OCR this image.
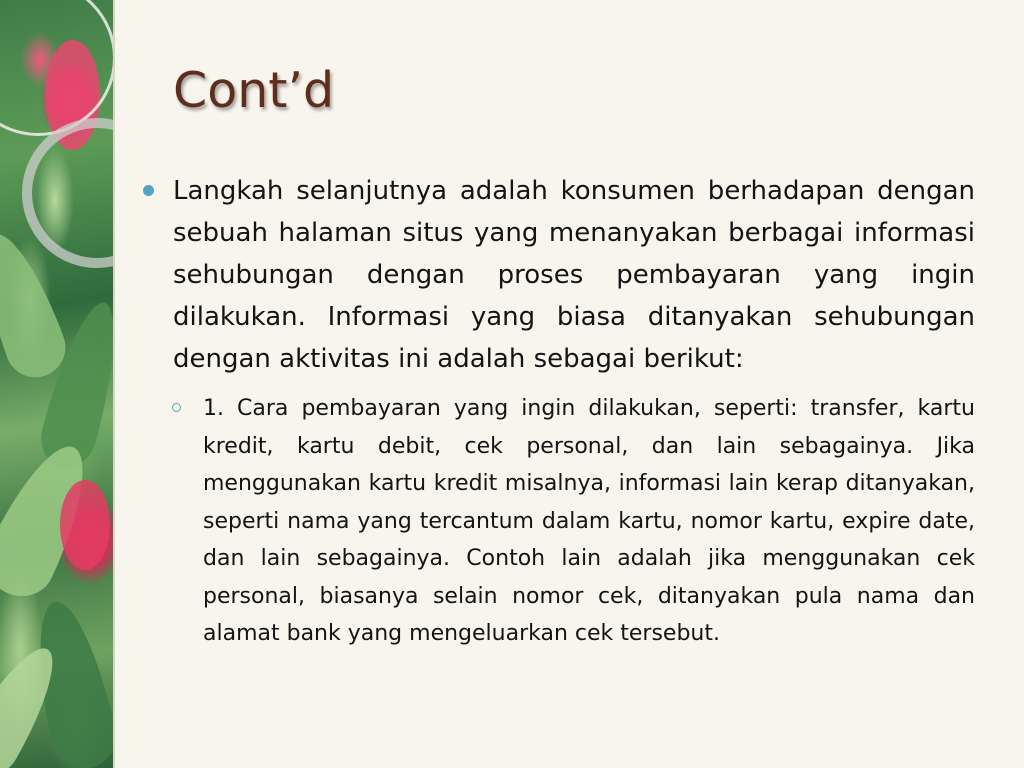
Cont’d

Langkah selanjutnya adalah konsumen berhadapan dengan sebuah halaman situs yang menanyakan berbagai informasi sehubungan dengan proses pembayaran yang ingin dilakukan. Informasi yang biasa ditanyakan sehubungan dengan aktivitas ini adalah sebagai berikut:

1. Cara pembayaran yang ingin dilakukan, seperti: transfer, kartu kredit, kartu debit, cek personal, dan lain sebagainya. Jika menggunakan kartu kredit misalnya, informasi lain kerap ditanyakan, seperti nama yang tercantum dalam kartu, nomor kartu, expire date, dan lain sebagainya. Contoh lain adalah jika menggunakan cek personal, biasanya selain nomor cek, ditanyakan pula nama dan alamat bank yang mengeluarkan cek tersebut.
